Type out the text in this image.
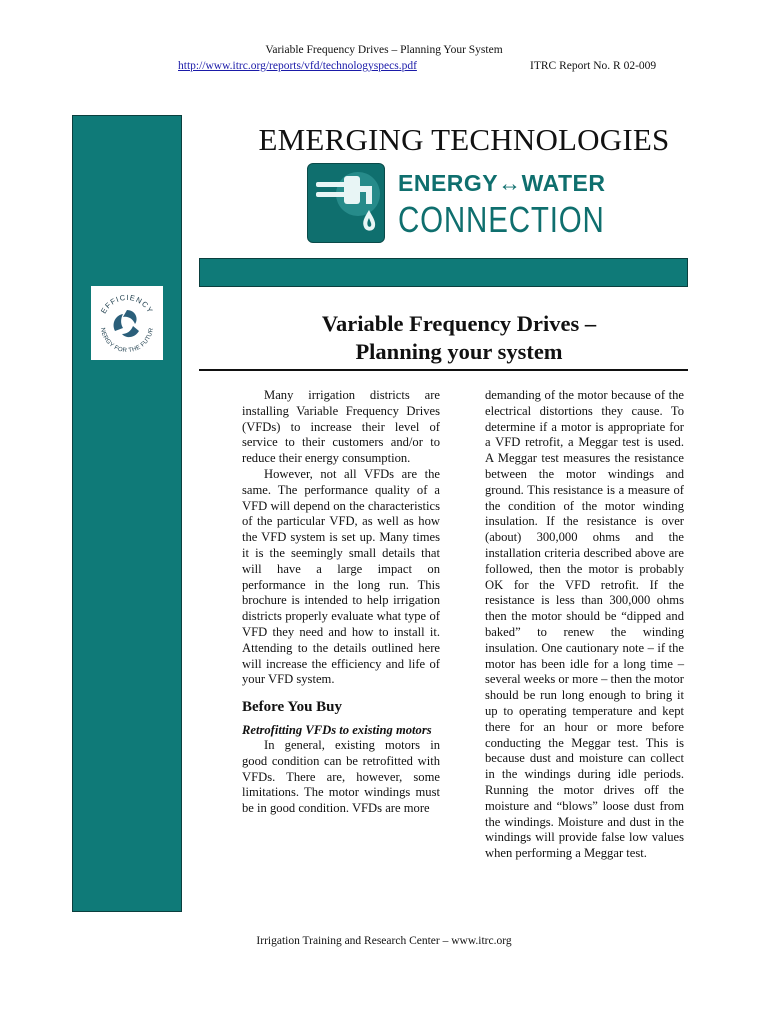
Variable Frequency Drives – Planning Your System
http://www.itrc.org/reports/vfd/technologyspecs.pdf	ITRC Report No. R 02-009
EFFICIENCY
NERGY FOR THE FUTUR
EMERGING TECHNOLOGIES
ENERGY↔WATER
CONNECTION
Variable Frequency Drives –
Planning your system

Many irrigation districts are installing Variable Frequency Drives (VFDs) to increase their level of service to their customers and/or to reduce their energy consumption.

However, not all VFDs are the same. The performance quality of a VFD will depend on the characteristics of the particular VFD, as well as how the VFD system is set up. Many times it is the seemingly small details that will have a large impact on performance in the long run. This brochure is intended to help irrigation districts properly evaluate what type of VFD they need and how to install it. Attending to the details outlined here will increase the efficiency and life of your VFD system.

Before You Buy

Retrofitting VFDs to existing motors

In general, existing motors in good condition can be retrofitted with VFDs. There are, however, some limitations. The motor windings must be in good condition. VFDs are more

demanding of the motor because of the electrical distortions they cause. To determine if a motor is appropriate for a VFD retrofit, a Meggar test is used. A Meggar test measures the resistance between the motor windings and ground. This resistance is a measure of the condition of the motor winding insulation. If the resistance is over (about) 300,000 ohms and the installation criteria described above are followed, then the motor is probably OK for the VFD retrofit. If the resistance is less than 300,000 ohms then the motor should be “dipped and baked” to renew the winding insulation. One cautionary note – if the motor has been idle for a long time – several weeks or more – then the motor should be run long enough to bring it up to operating temperature and kept there for an hour or more before conducting the Meggar test. This is because dust and moisture can collect in the windings during idle periods. Running the motor drives off the moisture and “blows” loose dust from the windings. Moisture and dust in the windings will provide false low values when performing a Meggar test.

Irrigation Training and Research Center – www.itrc.org
